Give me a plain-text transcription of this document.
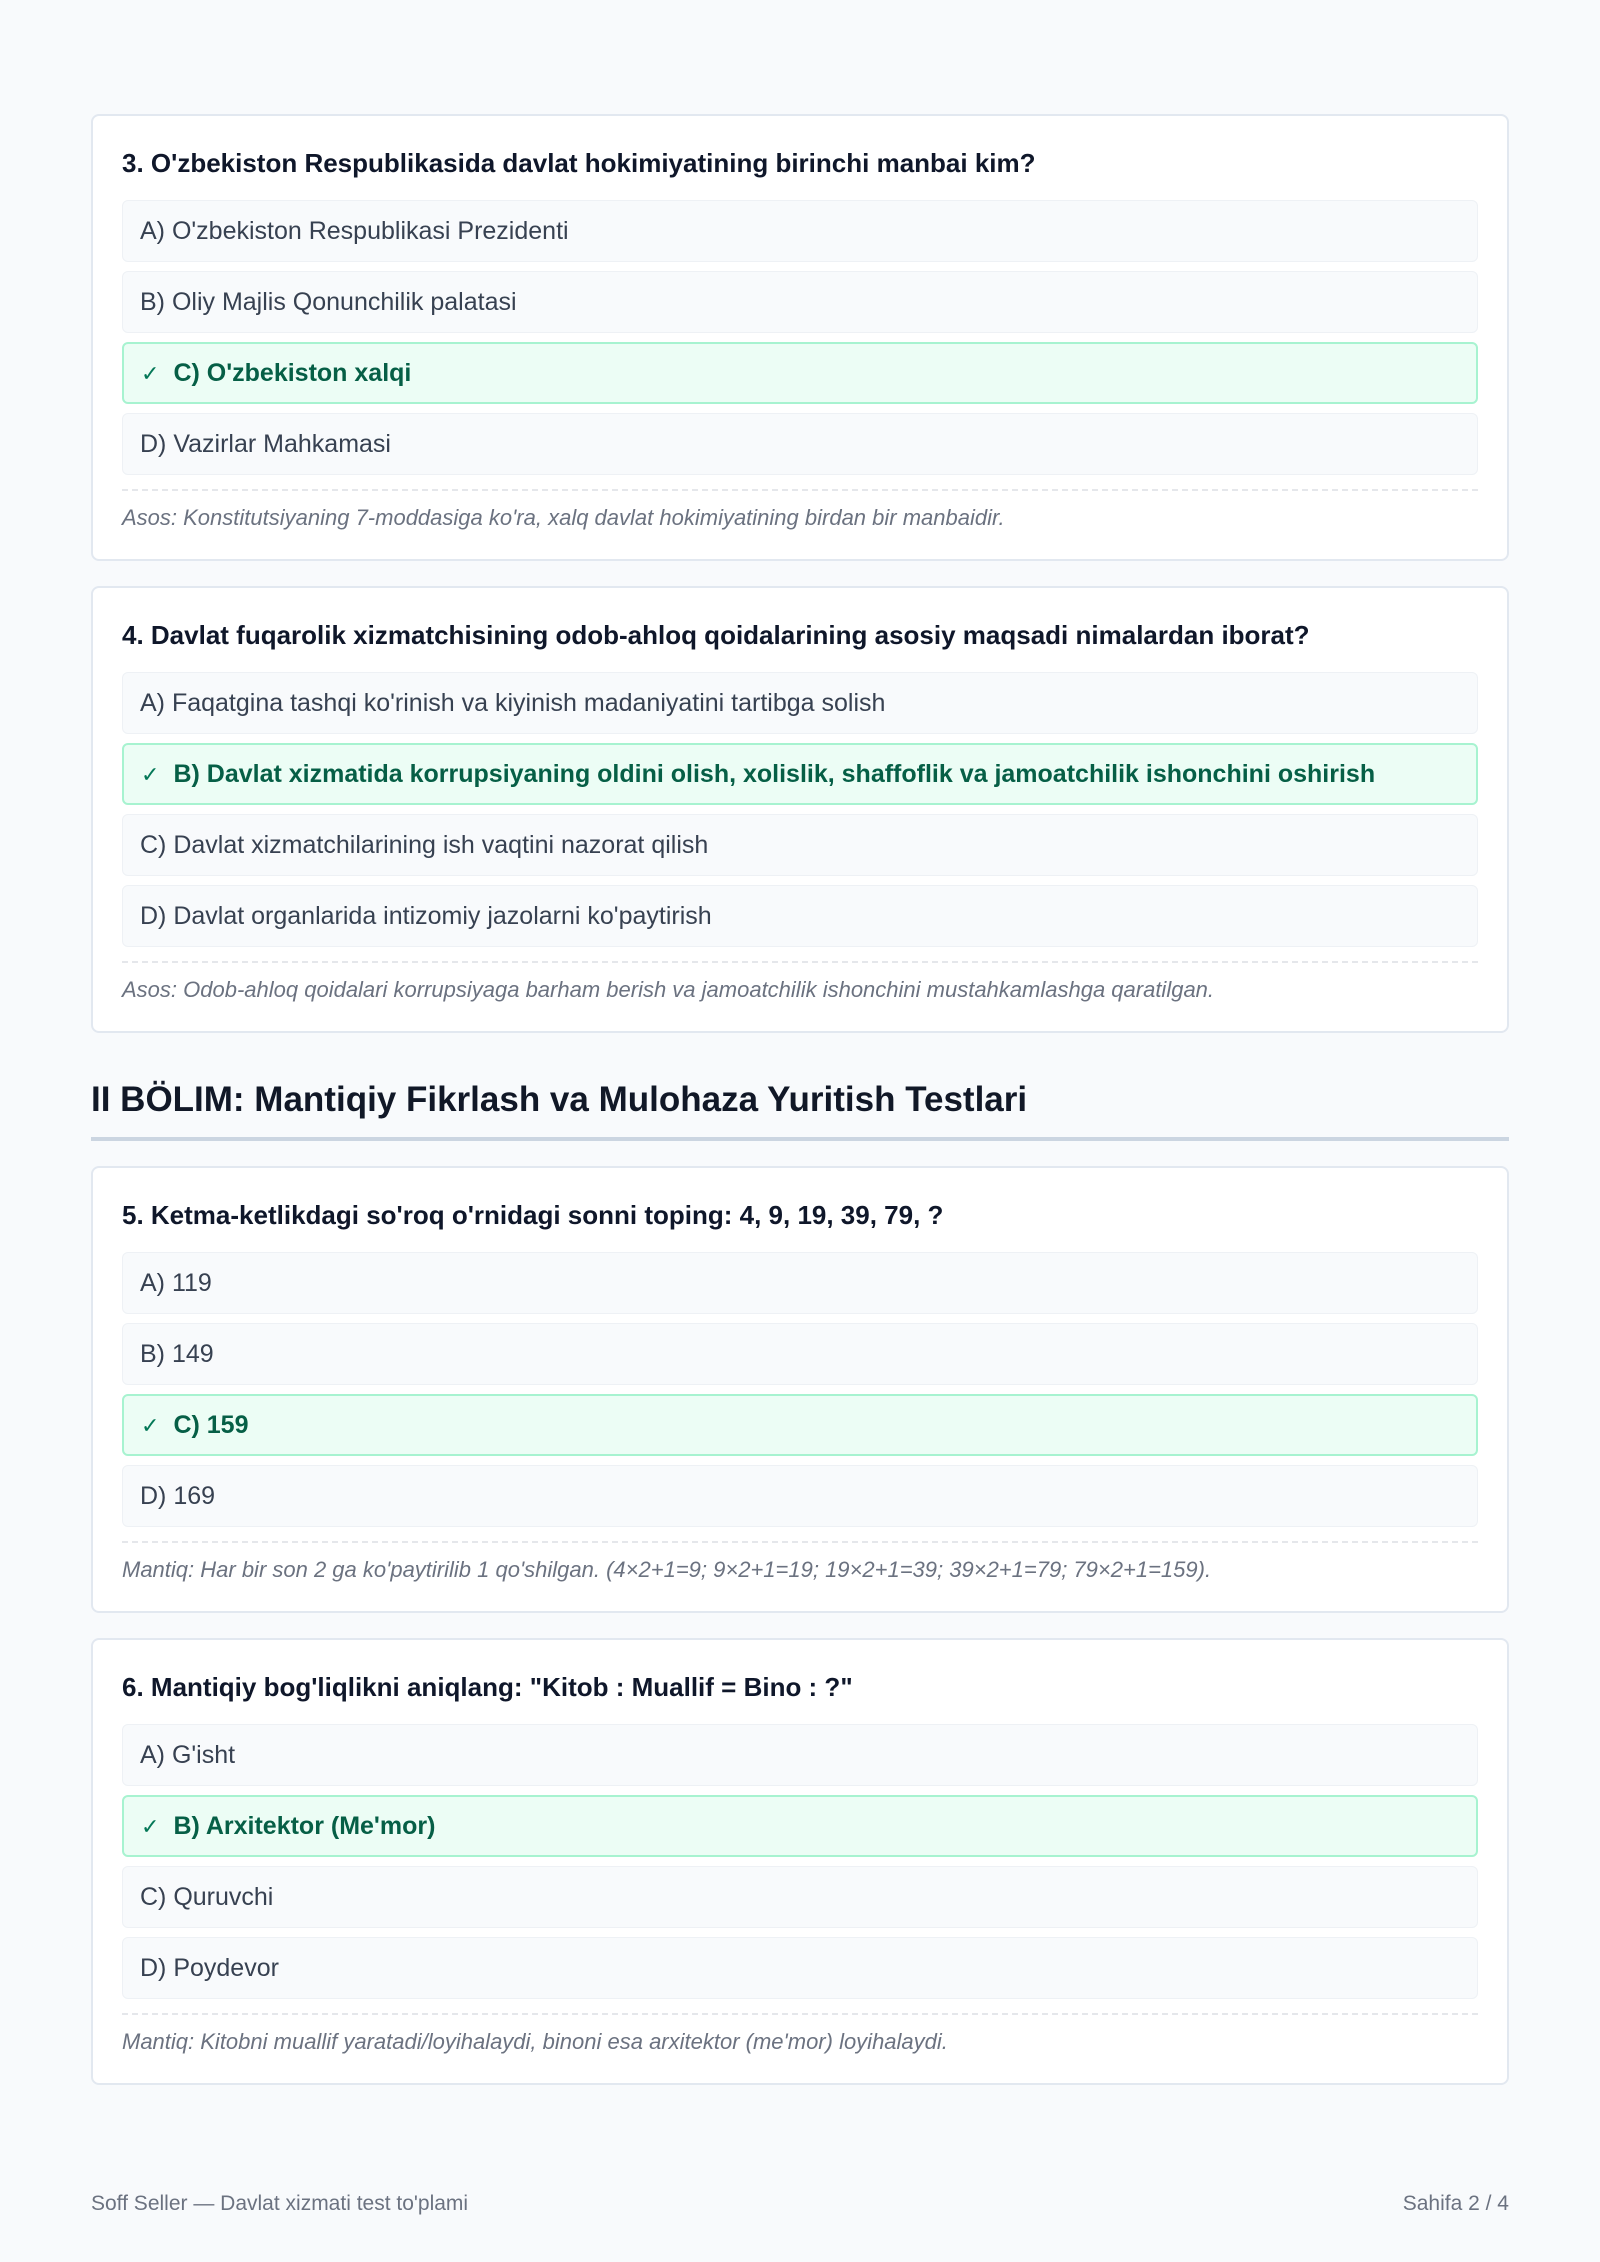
3. O'zbekiston Respublikasida davlat hokimiyatining birinchi manbai kim?
A) O'zbekiston Respublikasi Prezidenti
B) Oliy Majlis Qonunchilik palatasi
✓ C) O'zbekiston xalqi
D) Vazirlar Mahkamasi
Asos: Konstitutsiyaning 7-moddasiga ko'ra, xalq davlat hokimiyatining birdan bir manbaidir.
4. Davlat fuqarolik xizmatchisining odob-ahloq qoidalarining asosiy maqsadi nimalardan iborat?
A) Faqatgina tashqi ko'rinish va kiyinish madaniyatini tartibga solish
✓ B) Davlat xizmatida korrupsiyaning oldini olish, xolislik, shaffoflik va jamoatchilik ishonchini oshirish
C) Davlat xizmatchilarining ish vaqtini nazorat qilish
D) Davlat organlarida intizomiy jazolarni ko'paytirish
Asos: Odob-ahloq qoidalari korrupsiyaga barham berish va jamoatchilik ishonchini mustahkamlashga qaratilgan.
II BÖLIM: Mantiqiy Fikrlash va Mulohaza Yuritish Testlari
5. Ketma-ketlikdagi so'roq o'rnidagi sonni toping: 4, 9, 19, 39, 79, ?
A) 119
B) 149
✓ C) 159
D) 169
Mantiq: Har bir son 2 ga ko'paytirilib 1 qo'shilgan. (4×2+1=9; 9×2+1=19; 19×2+1=39; 39×2+1=79; 79×2+1=159).
6. Mantiqiy bog'liqlikni aniqlang: "Kitob : Muallif = Bino : ?"
A) G'isht
✓ B) Arxitektor (Me'mor)
C) Quruvchi
D) Poydevor
Mantiq: Kitobni muallif yaratadi/loyihalaydi, binoni esa arxitektor (me'mor) loyihalaydi.
Soff Seller — Davlat xizmati test to'plami	Sahifa 2 / 4
